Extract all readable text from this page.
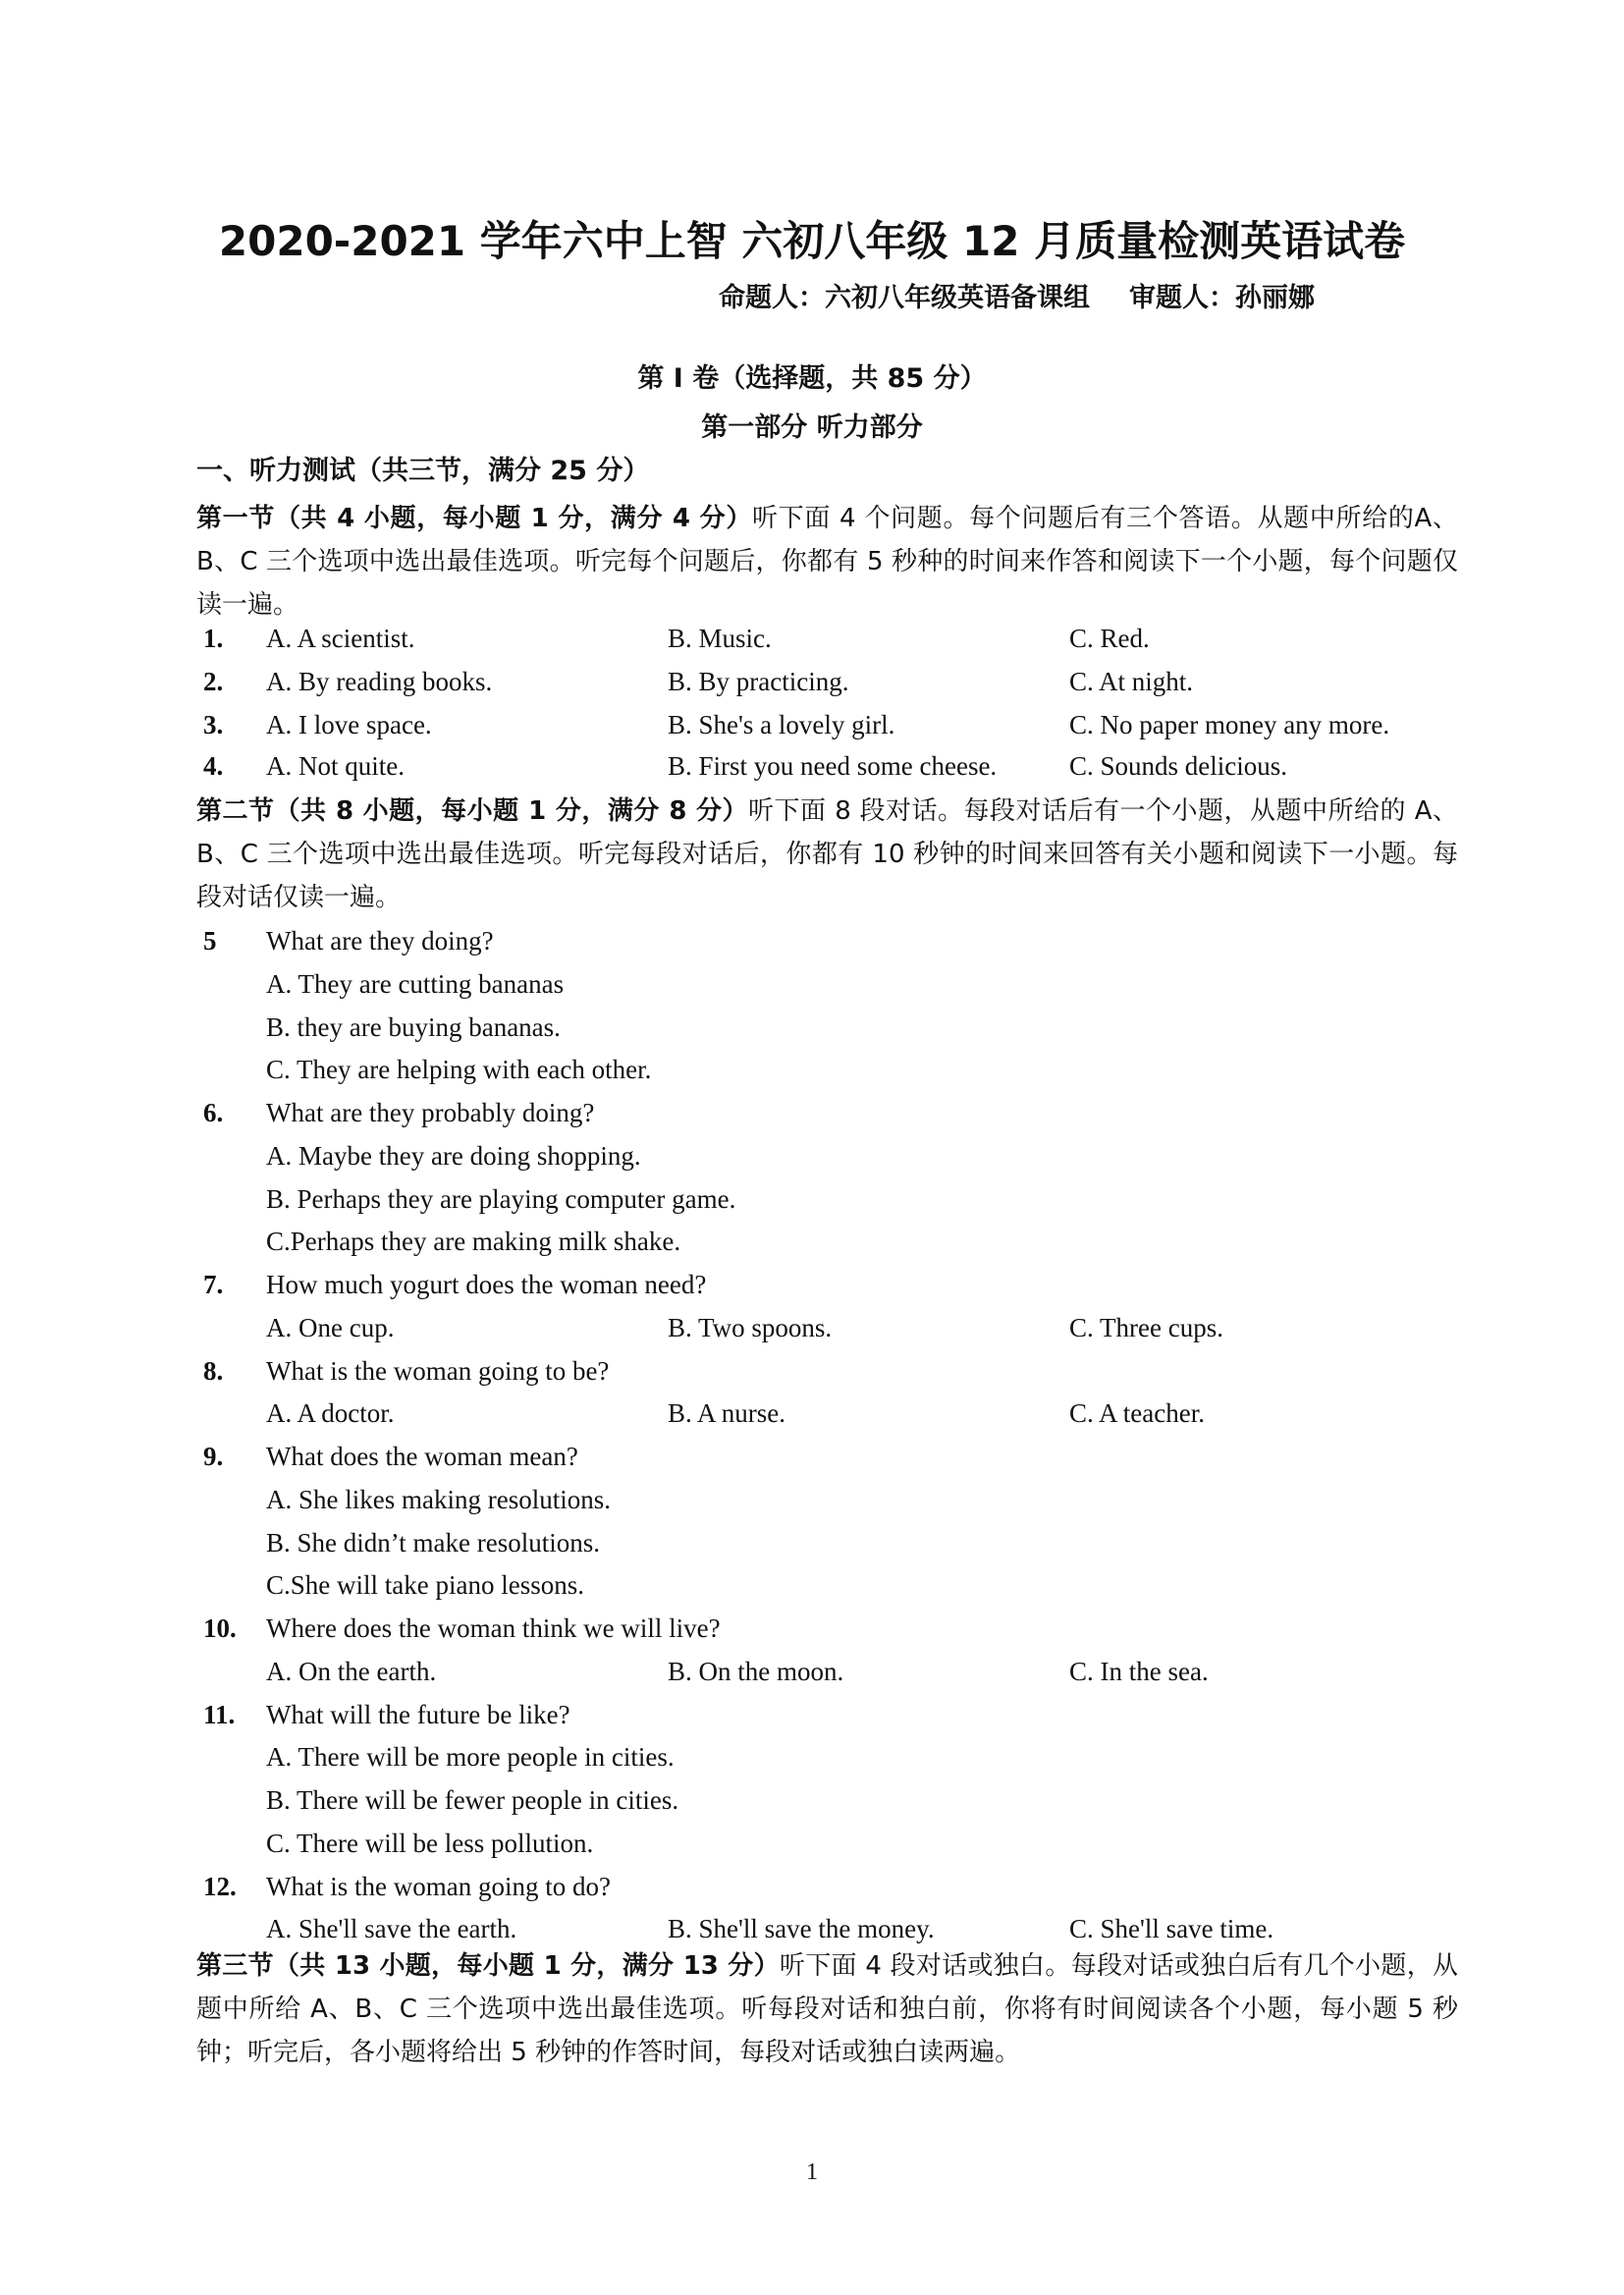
2020-2021 学年六中上智 六初八年级 12 月质量检测英语试卷
命题人：六初八年级英语备课组 审题人：孙丽娜
第 I 卷（选择题，共 85 分）
第一部分 听力部分
一、听力测试（共三节，满分 25 分）
第一节（共 4 小题，每小题 1 分，满分 4 分）听下面 4 个问题。每个问题后有三个答语。从题中所给的A、B、C 三个选项中选出最佳选项。听完每个问题后，你都有 5 秒种的时间来作答和阅读下一个小题，每个问题仅读一遍。
1. A. A scientist.	B. Music.	C. Red.
2. A. By reading books.	B. By practicing.	C. At night.
3. A. I love space.	B. She's a lovely girl.	C. No paper money any more.
4. A. Not quite.	B. First you need some cheese.	C. Sounds delicious.
第二节（共 8 小题，每小题 1 分，满分 8 分）听下面 8 段对话。每段对话后有一个小题，从题中所给的 A、B、C 三个选项中选出最佳选项。听完每段对话后，你都有 10 秒钟的时间来回答有关小题和阅读下一小题。每段对话仅读一遍。
5 What are they doing?
A. They are cutting bananas
B. they are buying bananas.
C. They are helping with each other.
6. What are they probably doing?
A. Maybe they are doing shopping.
B. Perhaps they are playing computer game.
C.Perhaps they are making milk shake.
7. How much yogurt does the woman need?
A. One cup.	B. Two spoons.	C. Three cups.
8. What is the woman going to be?
A. A doctor.	B. A nurse.	C. A teacher.
9. What does the woman mean?
A. She likes making resolutions.
B. She didn’t make resolutions.
C.She will take piano lessons.
10. Where does the woman think we will live?
A. On the earth.	B. On the moon.	C. In the sea.
11. What will the future be like?
A. There will be more people in cities.
B. There will be fewer people in cities.
C. There will be less pollution.
12. What is the woman going to do?
A. She'll save the earth.	B. She'll save the money.	C. She'll save time.
第三节（共 13 小题，每小题 1 分，满分 13 分）听下面 4 段对话或独白。每段对话或独白后有几个小题，从题中所给 A、B、C 三个选项中选出最佳选项。听每段对话和独白前，你将有时间阅读各个小题，每小题 5 秒钟；听完后，各小题将给出 5 秒钟的作答时间，每段对话或独白读两遍。
1
